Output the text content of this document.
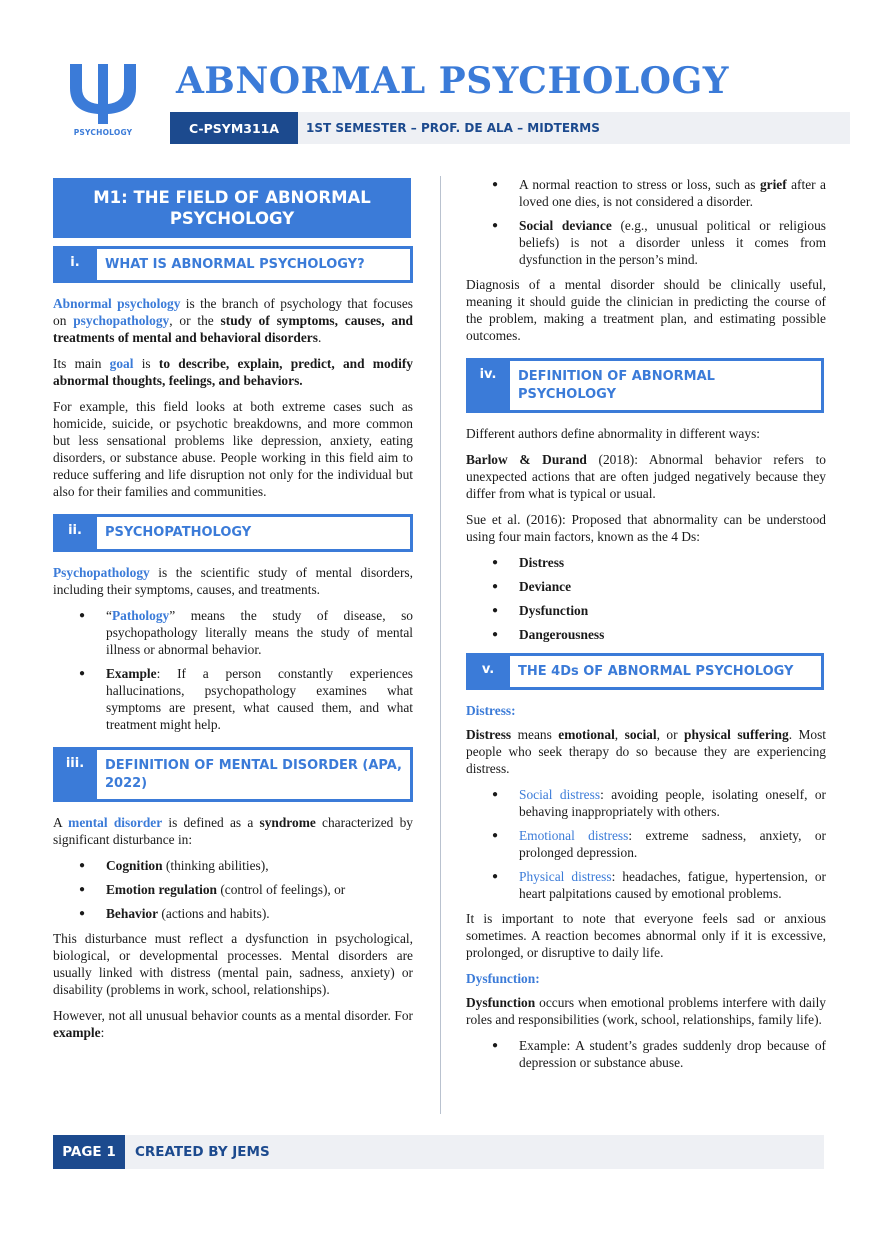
PSYCHOLOGY
ABNORMAL PSYCHOLOGY
C-PSYM311A	1ST SEMESTER – PROF. DE ALA – MIDTERMS
M1: THE FIELD OF ABNORMAL PSYCHOLOGY
i.	WHAT IS ABNORMAL PSYCHOLOGY?

Abnormal psychology is the branch of psychology that focuses on psychopathology, or the study of symptoms, causes, and treatments of mental and behavioral disorders.

Its main goal is to describe, explain, predict, and modify abnormal thoughts, feelings, and behaviors.

For example, this field looks at both extreme cases such as homicide, suicide, or psychotic breakdowns, and more common but less sensational problems like depression, anxiety, eating disorders, or substance abuse. People working in this field aim to reduce suffering and life disruption not only for the individual but also for their families and communities.

ii.	PSYCHOPATHOLOGY

Psychopathology is the scientific study of mental disorders, including their symptoms, causes, and treatments.

● “Pathology” means the study of disease, so psychopathology literally means the study of mental illness or abnormal behavior.
● Example: If a person constantly experiences hallucinations, psychopathology examines what symptoms are present, what caused them, and what treatment might help.
iii.	DEFINITION OF MENTAL DISORDER (APA, 2022)

A mental disorder is defined as a syndrome characterized by significant disturbance in:

● Cognition (thinking abilities),
● Emotion regulation (control of feelings), or
● Behavior (actions and habits).

This disturbance must reflect a dysfunction in psychological, biological, or developmental processes. Mental disorders are usually linked with distress (mental pain, sadness, anxiety) or disability (problems in work, school, relationships).

However, not all unusual behavior counts as a mental disorder. For example:

● A normal reaction to stress or loss, such as grief after a loved one dies, is not considered a disorder.
● Social deviance (e.g., unusual political or religious beliefs) is not a disorder unless it comes from dysfunction in the person’s mind.

Diagnosis of a mental disorder should be clinically useful, meaning it should guide the clinician in predicting the course of the problem, making a treatment plan, and estimating possible outcomes.

iv.	DEFINITION OF ABNORMAL PSYCHOLOGY

Different authors define abnormality in different ways:

Barlow & Durand (2018): Abnormal behavior refers to unexpected actions that are often judged negatively because they differ from what is typical or usual.

Sue et al. (2016): Proposed that abnormality can be understood using four main factors, known as the 4 Ds:

● Distress
● Deviance
● Dysfunction
● Dangerousness
v.	THE 4Ds OF ABNORMAL PSYCHOLOGY
Distress:

Distress means emotional, social, or physical suffering. Most people who seek therapy do so because they are experiencing distress.

● Social distress: avoiding people, isolating oneself, or behaving inappropriately with others.
● Emotional distress: extreme sadness, anxiety, or prolonged depression.
● Physical distress: headaches, fatigue, hypertension, or heart palpitations caused by emotional problems.

It is important to note that everyone feels sad or anxious sometimes. A reaction becomes abnormal only if it is excessive, prolonged, or disruptive to daily life.

Dysfunction:

Dysfunction occurs when emotional problems interfere with daily roles and responsibilities (work, school, relationships, family life).

● Example: A student’s grades suddenly drop because of depression or substance abuse.
PAGE 1	CREATED BY JEMS
